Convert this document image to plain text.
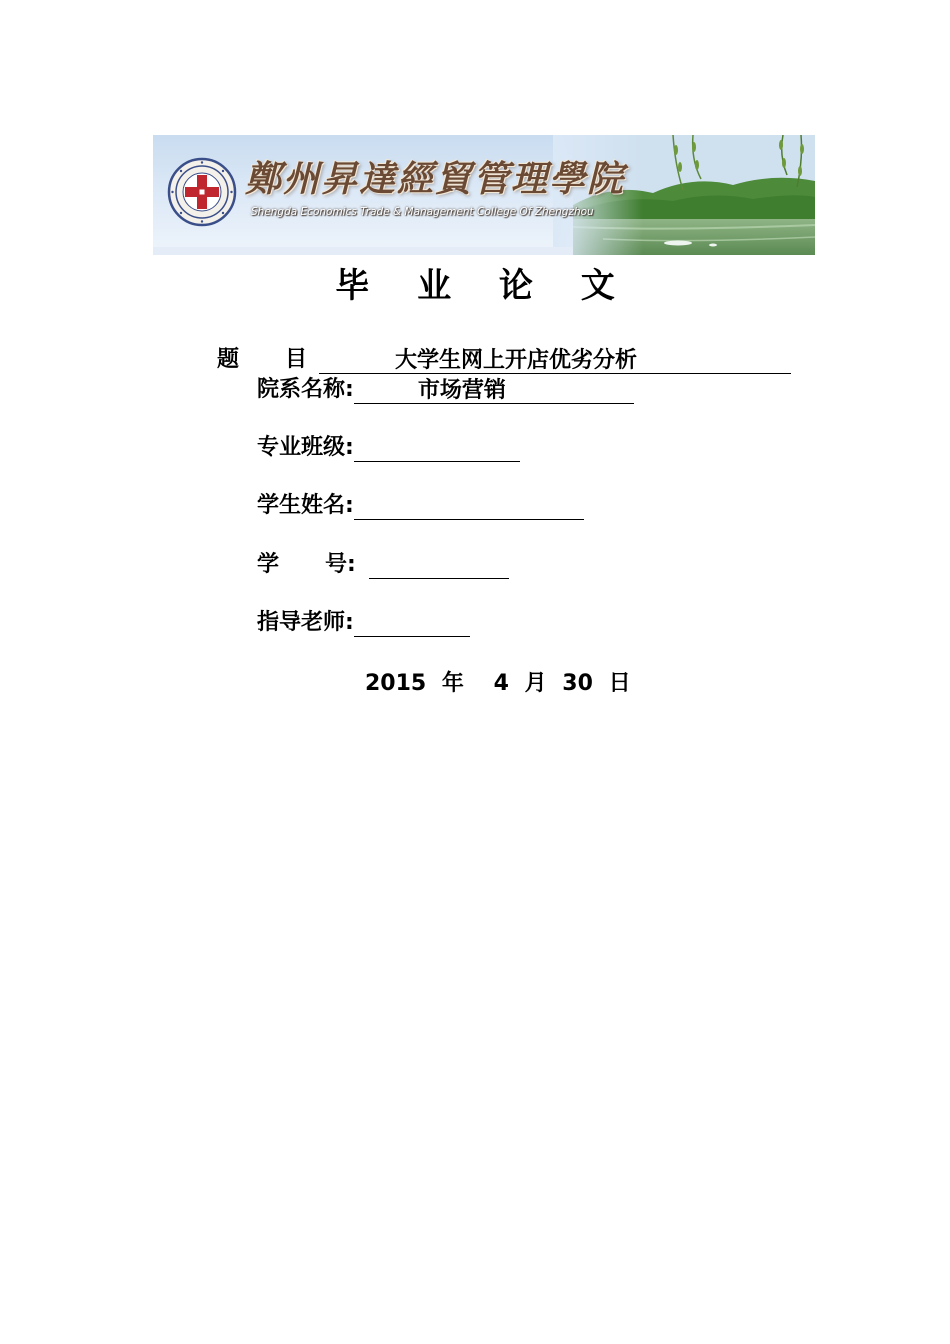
鄭州昇達經貿管理學院
Shengda Economics Trade & Management College Of Zhengzhou
毕 业 论 文
题      目	大学生网上开店优劣分析
院系名称:	市场营销
专业班级:
学生姓名:
学      号:
指导老师:
2015 年 4 月 30 日
